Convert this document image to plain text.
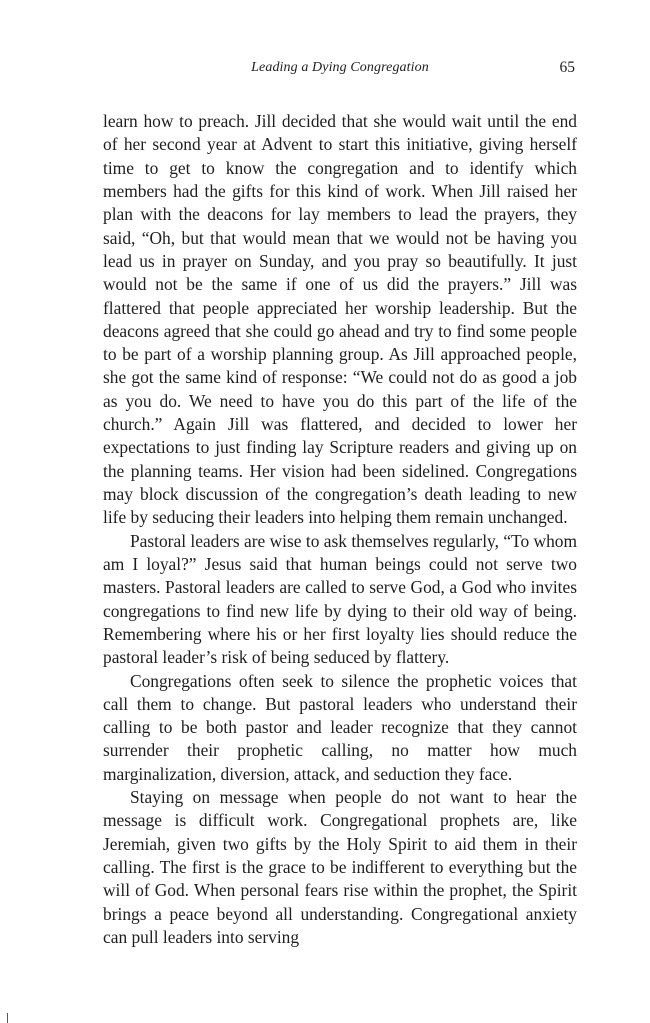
Leading a Dying Congregation	65

learn how to preach. Jill decided that she would wait until the end of her second year at Advent to start this initiative, giving herself time to get to know the congregation and to identify which members had the gifts for this kind of work. When Jill raised her plan with the deacons for lay members to lead the prayers, they said, “Oh, but that would mean that we would not be having you lead us in prayer on Sunday, and you pray so beautifully. It just would not be the same if one of us did the prayers.” Jill was flattered that people appreciated her worship leadership. But the deacons agreed that she could go ahead and try to find some people to be part of a worship planning group. As Jill approached people, she got the same kind of response: “We could not do as good a job as you do. We need to have you do this part of the life of the church.” Again Jill was flattered, and decided to lower her expectations to just finding lay Scripture readers and giving up on the planning teams. Her vision had been sidelined. Congregations may block discussion of the congregation’s death leading to new life by seducing their leaders into helping them remain unchanged.

Pastoral leaders are wise to ask themselves regularly, “To whom am I loyal?” Jesus said that human beings could not serve two masters. Pastoral leaders are called to serve God, a God who invites congregations to find new life by dying to their old way of being. Remembering where his or her first loyalty lies should reduce the pastoral leader’s risk of being seduced by flattery.

Congregations often seek to silence the prophetic voices that call them to change. But pastoral leaders who understand their calling to be both pastor and leader recognize that they cannot surrender their prophetic calling, no matter how much marginalization, diversion, attack, and seduction they face.

Staying on message when people do not want to hear the message is difficult work. Congregational prophets are, like Jeremiah, given two gifts by the Holy Spirit to aid them in their calling. The first is the grace to be indifferent to everything but the will of God. When personal fears rise within the prophet, the Spirit brings a peace beyond all understanding. Congregational anxiety can pull leaders into serving
